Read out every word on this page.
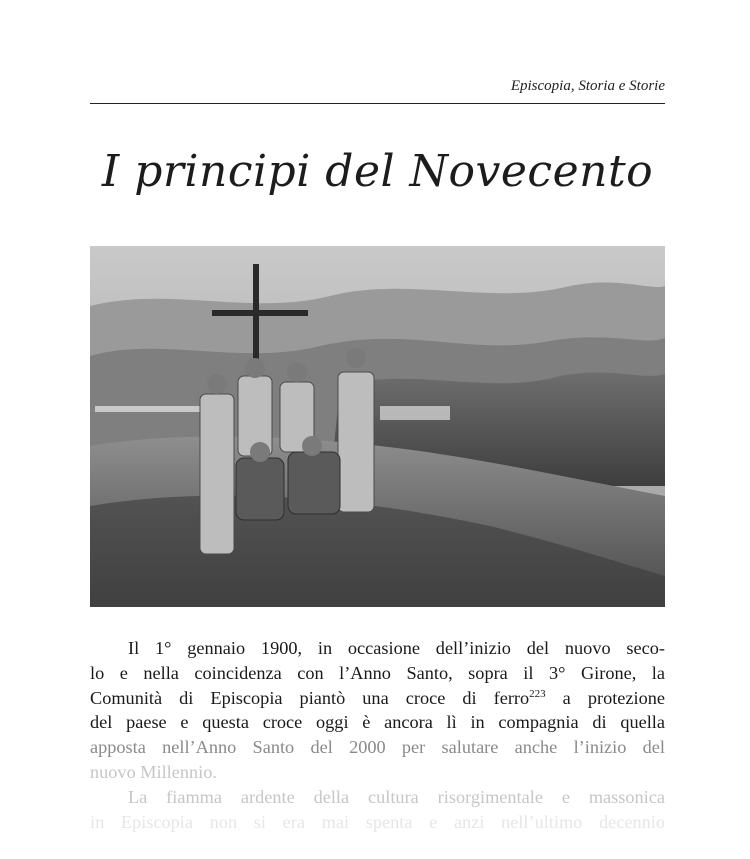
Episcopia, Storia e Storie
I principi del Novecento

Il 1° gennaio 1900, in occasione dell’inizio del nuovo seco-
lo e nella coincidenza con l’Anno Santo, sopra il 3° Girone, la
Comunità di Episcopia piantò una croce di ferro$^{223}$ a protezione
del paese e questa croce oggi è ancora lì in compagnia di quella
apposta nell’Anno Santo del 2000 per salutare anche l’inizio del
nuovo Millennio.

La fiamma ardente della cultura risorgimentale e massonica
in Episcopia non si era mai spenta e anzi nell’ultimo decennio
